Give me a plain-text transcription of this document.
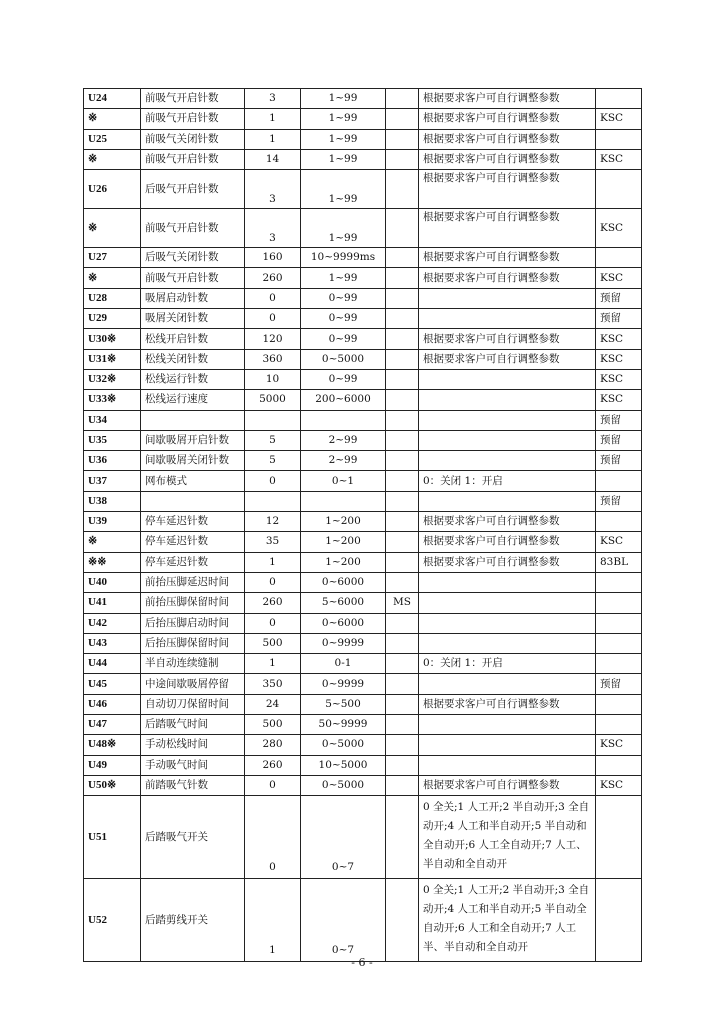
U24	前吸气开启针数	3	1~99		根据要求客户可自行调整参数	
※	前吸气开启针数	1	1~99		根据要求客户可自行调整参数	KSC
U25	前吸气关闭针数	1	1~99		根据要求客户可自行调整参数	
※	前吸气开启针数	14	1~99		根据要求客户可自行调整参数	KSC
U26	后吸气开启针数	3	1~99		根据要求客户可自行调整参数	
※	前吸气开启针数	3	1~99		根据要求客户可自行调整参数	KSC
U27	后吸气关闭针数	160	10~9999ms		根据要求客户可自行调整参数	
※	前吸气开启针数	260	1~99		根据要求客户可自行调整参数	KSC
U28	吸屑启动针数	0	0~99			预留
U29	吸屑关闭针数	0	0~99			预留
U30※	松线开启针数	120	0~99		根据要求客户可自行调整参数	KSC
U31※	松线关闭针数	360	0~5000		根据要求客户可自行调整参数	KSC
U32※	松线运行针数	10	0~99			KSC
U33※	松线运行速度	5000	200~6000			KSC
U34						预留
U35	间歇吸屑开启针数	5	2~99			预留
U36	间歇吸屑关闭针数	5	2~99			预留
U37	网布模式	0	0~1		0：关闭 1：开启	
U38						预留
U39	停车延迟针数	12	1~200		根据要求客户可自行调整参数	
※	停车延迟针数	35	1~200		根据要求客户可自行调整参数	KSC
※※	停车延迟针数	1	1~200		根据要求客户可自行调整参数	83BL
U40	前抬压脚延迟时间	0	0~6000			
U41	前抬压脚保留时间	260	5~6000	MS		
U42	后抬压脚启动时间	0	0~6000			
U43	后抬压脚保留时间	500	0~9999			
U44	半自动连续缝制	1	0-1		0：关闭 1：开启	
U45	中途间歇吸屑停留	350	0~9999			预留
U46	自动切刀保留时间	24	5~500		根据要求客户可自行调整参数	
U47	后踏吸气时间	500	50~9999			
U48※	手动松线时间	280	0~5000			KSC
U49	手动吸气时间	260	10~5000			
U50※	前踏吸气针数	0	0~5000		根据要求客户可自行调整参数	KSC
U51	后踏吸气开关	0	0~7		0 全关;1 人工开;2 半自动开;3 全自动开;4 人工和半自动开;5 半自动和全自动开;6 人工全自动开;7 人工、半自动和全自动开	
U52	后踏剪线开关	1	0~7		0 全关;1 人工开;2 半自动开;3 全自动开;4 人工和半自动开;5 半自动全自动开;6 人工和全自动开;7 人工半、半自动和全自动开	
- 6 -
